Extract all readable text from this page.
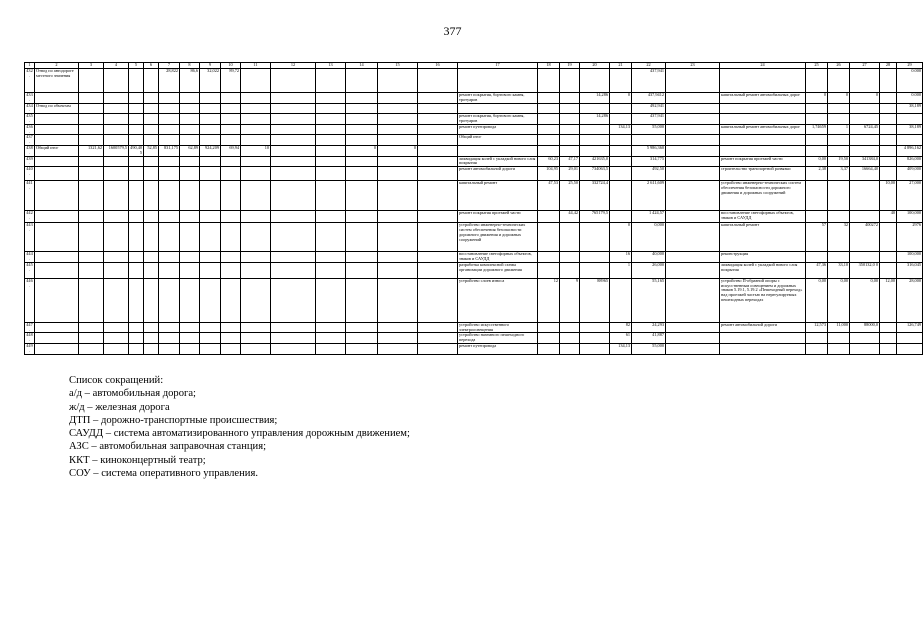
377
1	2	3	4	5	6	7	8	9	10	11	12	13	14	15	16	17	18	19	20	21	22	23	24	25	26	27	28	29
432.	Отвод по автодороге местного значения					28,822	86,6	32,022	89,72												437,941							0.000
433.																ремонт покрытия, бортового камня, тротуаров			14,286	0	437,9412		капитальный ремонт автомобильных дорог	0	0	0		0.000
434.	Отвод по объектам																				492,941							38,189
435.																ремонт покрытия, бортового камня, тротуаров			14,286		437,941							
436.																ремонт путепровода				134,13	55,000		капитальный ремонт автомобильных дорог	1,74659	1	6724,45		38,189
437.																Общий итог												
438.	Общий итог	1321,62	1600579,5	490,405	52,85	831,175	62,89	924,209	69,94	10			0	0							5 986,360							4 896,162
439.																ликвидация колей с укладкой нового слоя покрытия	60,23	47,17	421635,0		314,775		ремонт покрытия проезжей части	0,00	19,50	341384,0		826,000
440.																ремонт автомобильной дороги	104,95	29,01	734063,5		492,50		строительство транспортной развязки	2,38	3,37	16664,40		409,000
441.																капитальный ремонт	47,53	25,50	332724,4		2 611,609		устройство инженерно-технических систем обеспечения безопасности дорожного движения и дорожных сооружений				10,00	27,000
442.																ремонт покрытия проезжей части		44,42	765179,5		1 424,57		восстановление светофорных объектов, знаков и САУДД				40	100,000
443.																устройство инженерно-технических систем обеспечения безопасности дорожного движения и дорожных сооружений				0	0,000		капитальный ремонт	57	32	400272		2976
444.																восстановление светофорных объектов, знаков и САУДД				16	40,000		реконструкция					100,000
445.																разработка комплексной схемы организации дорожного движения				1	26,000		ликвидация колей с укладкой нового слоя покрытия	47,36	33,10	350132,0 0		316,045
446.																устройство слоев износа	12	9	88965		55,165		устройство П-образной опоры с искусственным освещением и дорожных знаков 5.19.1, 5.19.2 «Пешеходный переход» над проезжей частью на нерегулируемых пешеходных переходах	0,00	0,00	0,00	12,00	28,000
447.																устройство искусственного электроосвещения				82	24,293		ремонт автомобильной дороги	12,573	11,000	88000,0		126,749
448.																устройство наземного пешеходного перехода				61	41,887							
449.																ремонт путепровода				134,13	55,000							
Список сокращений:
а/д – автомобильная дорога;
ж/д – железная дорога
ДТП – дорожно-транспортные происшествия;
САУДД – система автоматизированного управления дорожным движением;
АЗС – автомобильная заправочная станция;
ККТ – киноконцертный театр;
СОУ – система оперативного управления.
